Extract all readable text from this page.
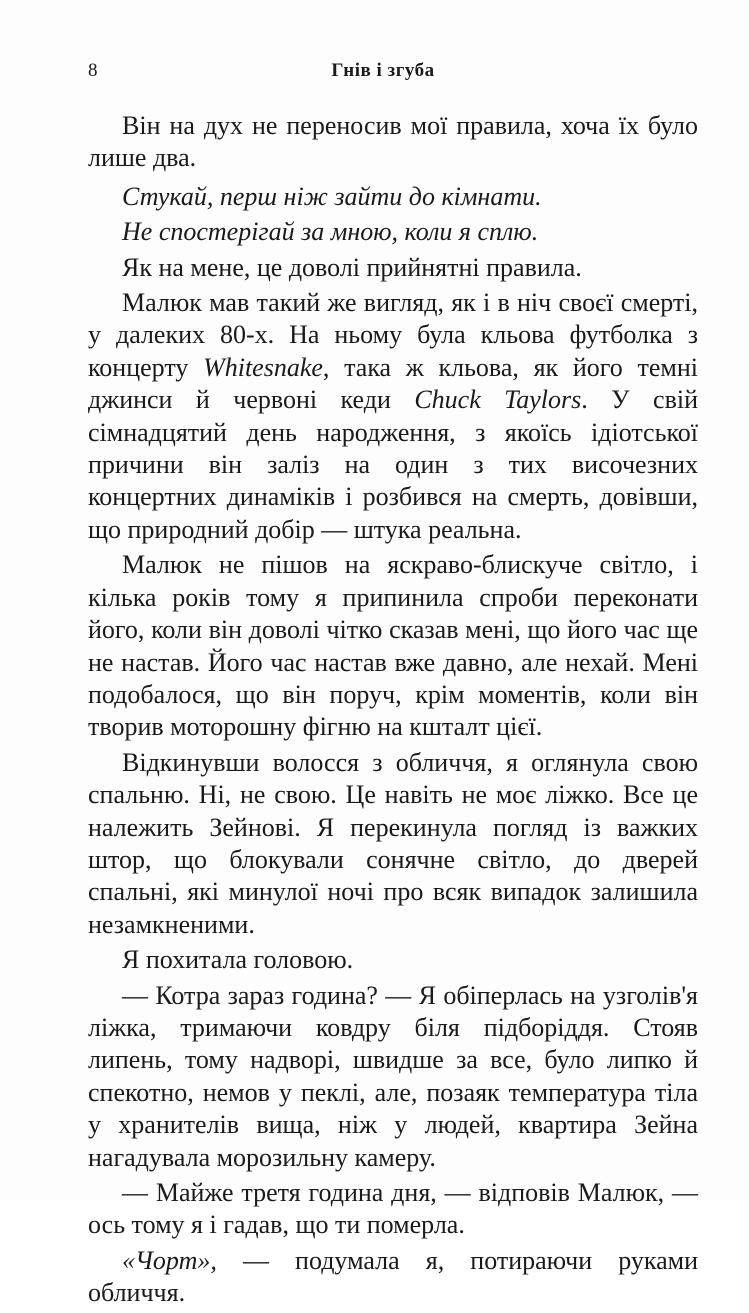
8	Гнів і згуба

Він на дух не переносив мої правила, хоча їх було лише два.

Стукай, перш ніж зайти до кімнати.

Не спостерігай за мною, коли я сплю.

Як на мене, це доволі прийнятні правила.

Малюк мав такий же вигляд, як і в ніч своєї смерті, у далеких 80-х. На ньому була кльова футболка з концерту Whitesnake, така ж кльова, як його темні джинси й червоні кеди Chuck Taylors. У свій сімнадцятий день народження, з якоїсь ідіотської причини він заліз на один з тих височезних концертних динаміків і розбився на смерть, довівши, що природний добір — штука реальна.

Малюк не пішов на яскраво-блискуче світло, і кілька років тому я припинила спроби переконати його, коли він доволі чітко сказав мені, що його час ще не настав. Його час настав вже давно, але нехай. Мені подобалося, що він поруч, крім моментів, коли він творив моторошну фігню на кшталт цієї.

Відкинувши волосся з обличчя, я оглянула свою спальню. Ні, не свою. Це навіть не моє ліжко. Все це належить Зейнові. Я перекинула погляд із важких штор, що блокували сонячне світло, до дверей спальні, які минулої ночі про всяк випадок залишила незамкненими.

Я похитала головою.

— Котра зараз година? — Я обіперлась на узголів'я ліжка, тримаючи ковдру біля підборіддя. Стояв липень, тому надворі, швидше за все, було липко й спекотно, немов у пеклі, але, позаяк температура тіла у хранителів вища, ніж у людей, квартира Зейна нагадувала морозильну камеру.

— Майже третя година дня, — відповів Малюк, — ось тому я і гадав, що ти померла.

«Чорт», — подумала я, потираючи руками обличчя.
